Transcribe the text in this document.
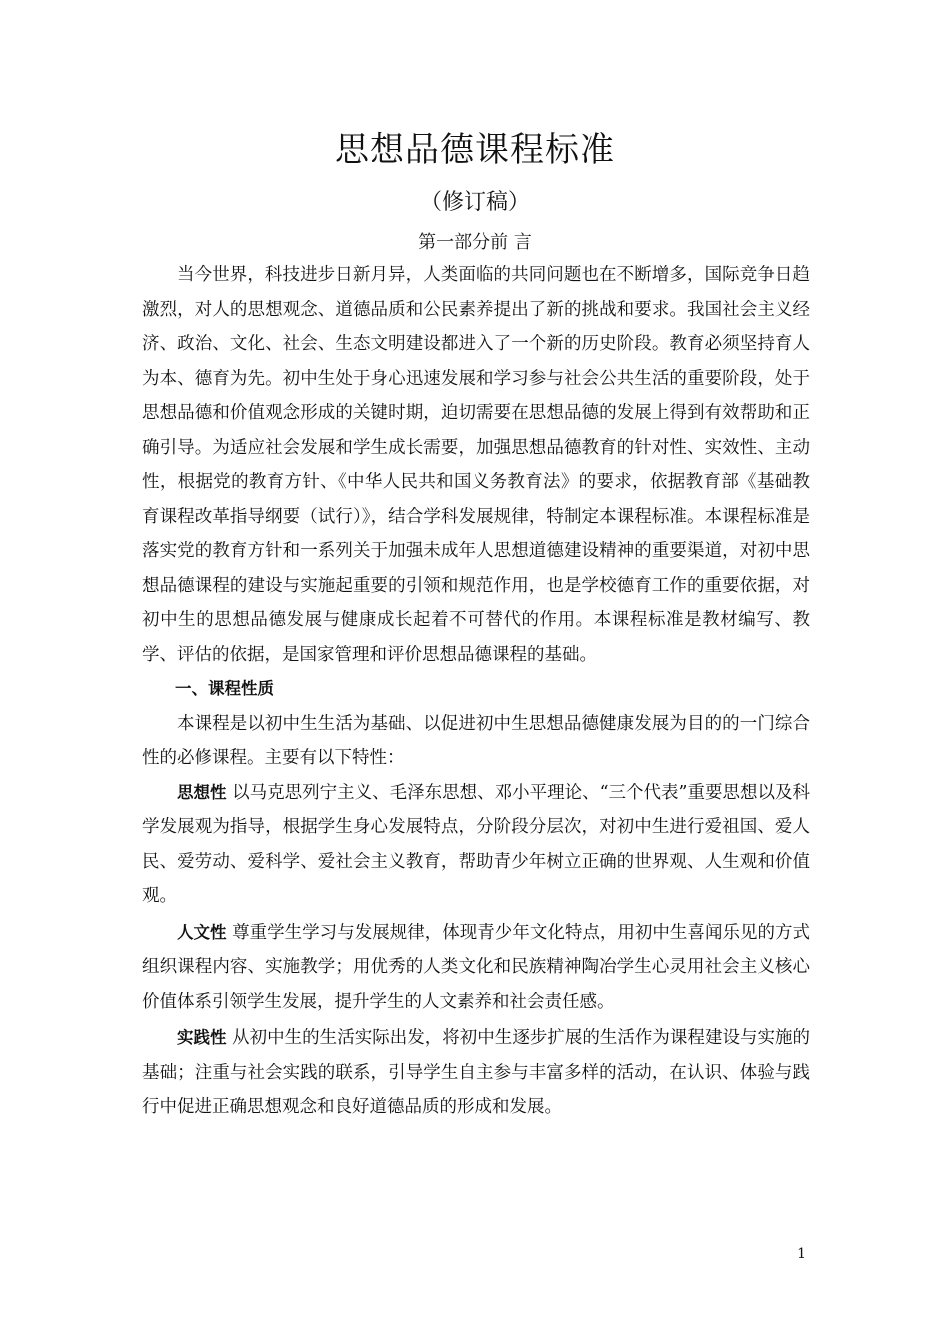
思想品德课程标准
（修订稿）
第一部分前 言

当今世界，科技进步日新月异，人类面临的共同问题也在不断增多，国际竞争日趋激烈，对人的思想观念、道德品质和公民素养提出了新的挑战和要求。我国社会主义经济、政治、文化、社会、生态文明建设都进入了一个新的历史阶段。教育必须坚持育人为本、德育为先。初中生处于身心迅速发展和学习参与社会公共生活的重要阶段，处于思想品德和价值观念形成的关键时期，迫切需要在思想品德的发展上得到有效帮助和正确引导。为适应社会发展和学生成长需要，加强思想品德教育的针对性、实效性、主动性，根据党的教育方针、《中华人民共和国义务教育法》的要求，依据教育部《基础教育课程改革指导纲要（试行）》，结合学科发展规律，特制定本课程标准。本课程标准是落实党的教育方针和一系列关于加强未成年人思想道德建设精神的重要渠道，对初中思想品德课程的建设与实施起重要的引领和规范作用，也是学校德育工作的重要依据，对初中生的思想品德发展与健康成长起着不可替代的作用。本课程标准是教材编写、教学、评估的依据，是国家管理和评价思想品德课程的基础。

一、课程性质

本课程是以初中生生活为基础、以促进初中生思想品德健康发展为目的的一门综合性的必修课程。主要有以下特性：

思想性 以马克思列宁主义、毛泽东思想、邓小平理论、“三个代表”重要思想以及科学发展观为指导，根据学生身心发展特点，分阶段分层次，对初中生进行爱祖国、爱人民、爱劳动、爱科学、爱社会主义教育，帮助青少年树立正确的世界观、人生观和价值观。

人文性 尊重学生学习与发展规律，体现青少年文化特点，用初中生喜闻乐见的方式组织课程内容、实施教学；用优秀的人类文化和民族精神陶冶学生心灵用社会主义核心价值体系引领学生发展，提升学生的人文素养和社会责任感。

实践性 从初中生的生活实际出发，将初中生逐步扩展的生活作为课程建设与实施的基础；注重与社会实践的联系，引导学生自主参与丰富多样的活动，在认识、体验与践行中促进正确思想观念和良好道德品质的形成和发展。

1
